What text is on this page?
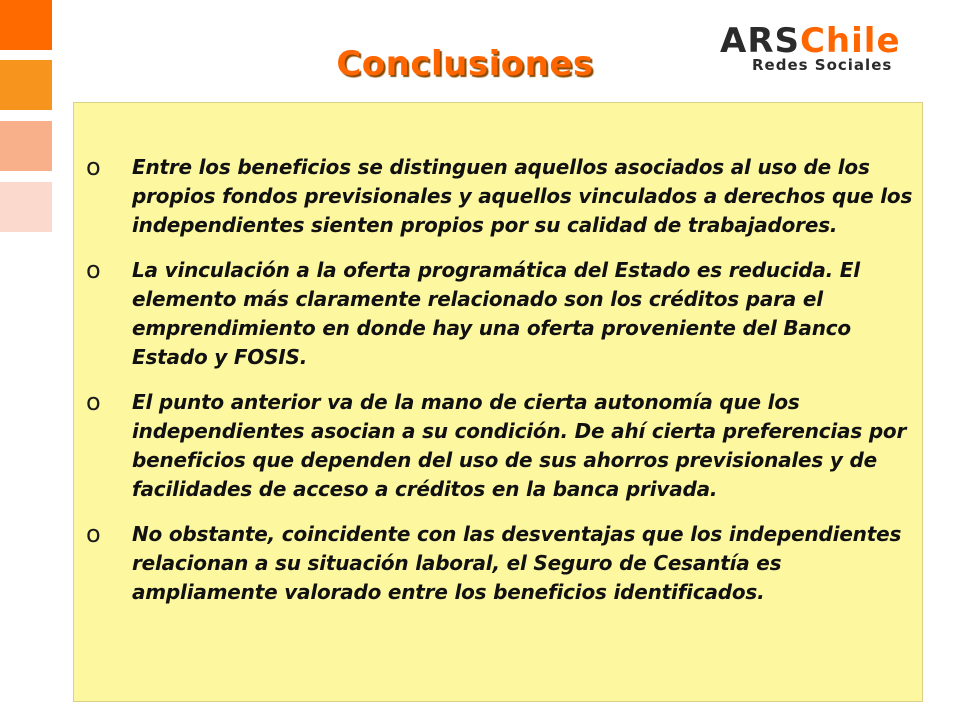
Conclusiones
ARSChile
Redes Sociales
o Entre los beneficios se distinguen aquellos asociados al uso de los propios fondos previsionales y aquellos vinculados a derechos que los independientes sienten propios por su calidad de trabajadores.
o La vinculación a la oferta programática del Estado es reducida. El elemento más claramente relacionado son los créditos para el emprendimiento en donde hay una oferta proveniente del Banco Estado y FOSIS.
o El punto anterior va de la mano de cierta autonomía que los independientes asocian a su condición. De ahí cierta preferencias por beneficios que dependen del uso de sus ahorros previsionales y de facilidades de acceso a créditos en la banca privada.
o No obstante, coincidente con las desventajas que los independientes relacionan a su situación laboral, el Seguro de Cesantía es ampliamente valorado entre los beneficios identificados.
